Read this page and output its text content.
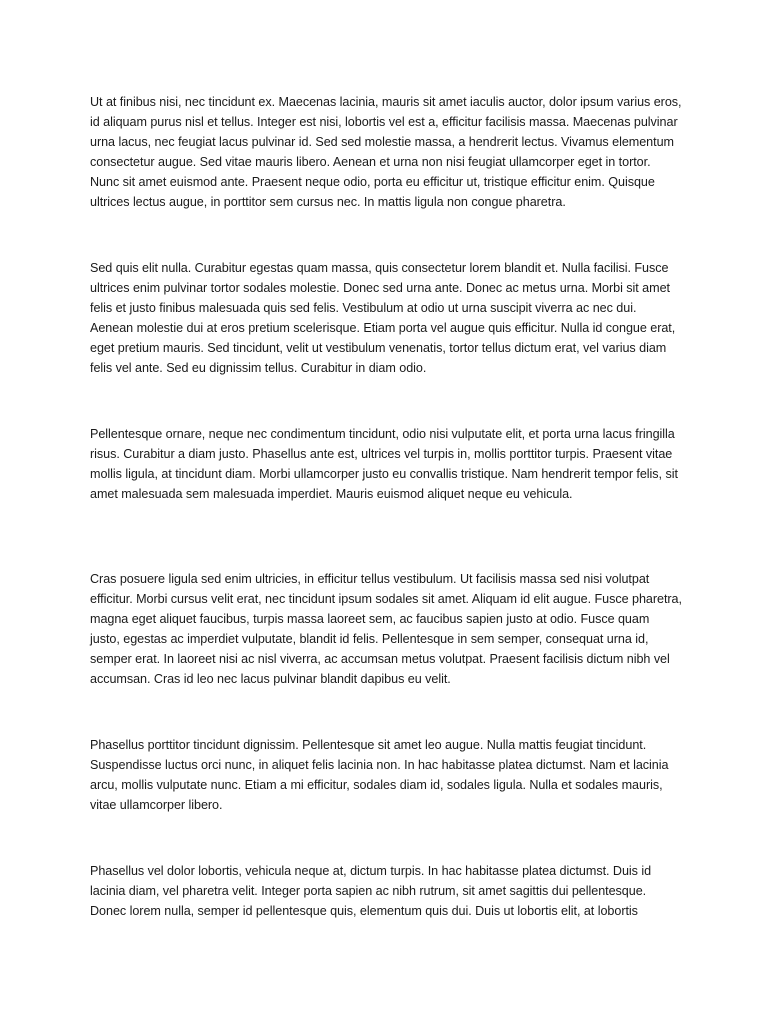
Ut at finibus nisi, nec tincidunt ex. Maecenas lacinia, mauris sit amet iaculis auctor, dolor ipsum varius eros, id aliquam purus nisl et tellus. Integer est nisi, lobortis vel est a, efficitur facilisis massa. Maecenas pulvinar urna lacus, nec feugiat lacus pulvinar id. Sed sed molestie massa, a hendrerit lectus. Vivamus elementum consectetur augue. Sed vitae mauris libero. Aenean et urna non nisi feugiat ullamcorper eget in tortor. Nunc sit amet euismod ante. Praesent neque odio, porta eu efficitur ut, tristique efficitur enim. Quisque ultrices lectus augue, in porttitor sem cursus nec. In mattis ligula non congue pharetra.

Sed quis elit nulla. Curabitur egestas quam massa, quis consectetur lorem blandit et. Nulla facilisi. Fusce ultrices enim pulvinar tortor sodales molestie. Donec sed urna ante. Donec ac metus urna. Morbi sit amet felis et justo finibus malesuada quis sed felis. Vestibulum at odio ut urna suscipit viverra ac nec dui. Aenean molestie dui at eros pretium scelerisque. Etiam porta vel augue quis efficitur. Nulla id congue erat, eget pretium mauris. Sed tincidunt, velit ut vestibulum venenatis, tortor tellus dictum erat, vel varius diam felis vel ante. Sed eu dignissim tellus. Curabitur in diam odio.

Pellentesque ornare, neque nec condimentum tincidunt, odio nisi vulputate elit, et porta urna lacus fringilla risus. Curabitur a diam justo. Phasellus ante est, ultrices vel turpis in, mollis porttitor turpis. Praesent vitae mollis ligula, at tincidunt diam. Morbi ullamcorper justo eu convallis tristique. Nam hendrerit tempor felis, sit amet malesuada sem malesuada imperdiet. Mauris euismod aliquet neque eu vehicula.

Cras posuere ligula sed enim ultricies, in efficitur tellus vestibulum. Ut facilisis massa sed nisi volutpat efficitur. Morbi cursus velit erat, nec tincidunt ipsum sodales sit amet. Aliquam id elit augue. Fusce pharetra, magna eget aliquet faucibus, turpis massa laoreet sem, ac faucibus sapien justo at odio. Fusce quam justo, egestas ac imperdiet vulputate, blandit id felis. Pellentesque in sem semper, consequat urna id, semper erat. In laoreet nisi ac nisl viverra, ac accumsan metus volutpat. Praesent facilisis dictum nibh vel accumsan. Cras id leo nec lacus pulvinar blandit dapibus eu velit.

Phasellus porttitor tincidunt dignissim. Pellentesque sit amet leo augue. Nulla mattis feugiat tincidunt. Suspendisse luctus orci nunc, in aliquet felis lacinia non. In hac habitasse platea dictumst. Nam et lacinia arcu, mollis vulputate nunc. Etiam a mi efficitur, sodales diam id, sodales ligula. Nulla et sodales mauris, vitae ullamcorper libero.

Phasellus vel dolor lobortis, vehicula neque at, dictum turpis. In hac habitasse platea dictumst. Duis id lacinia diam, vel pharetra velit. Integer porta sapien ac nibh rutrum, sit amet sagittis dui pellentesque. Donec lorem nulla, semper id pellentesque quis, elementum quis dui. Duis ut lobortis elit, at lobortis
